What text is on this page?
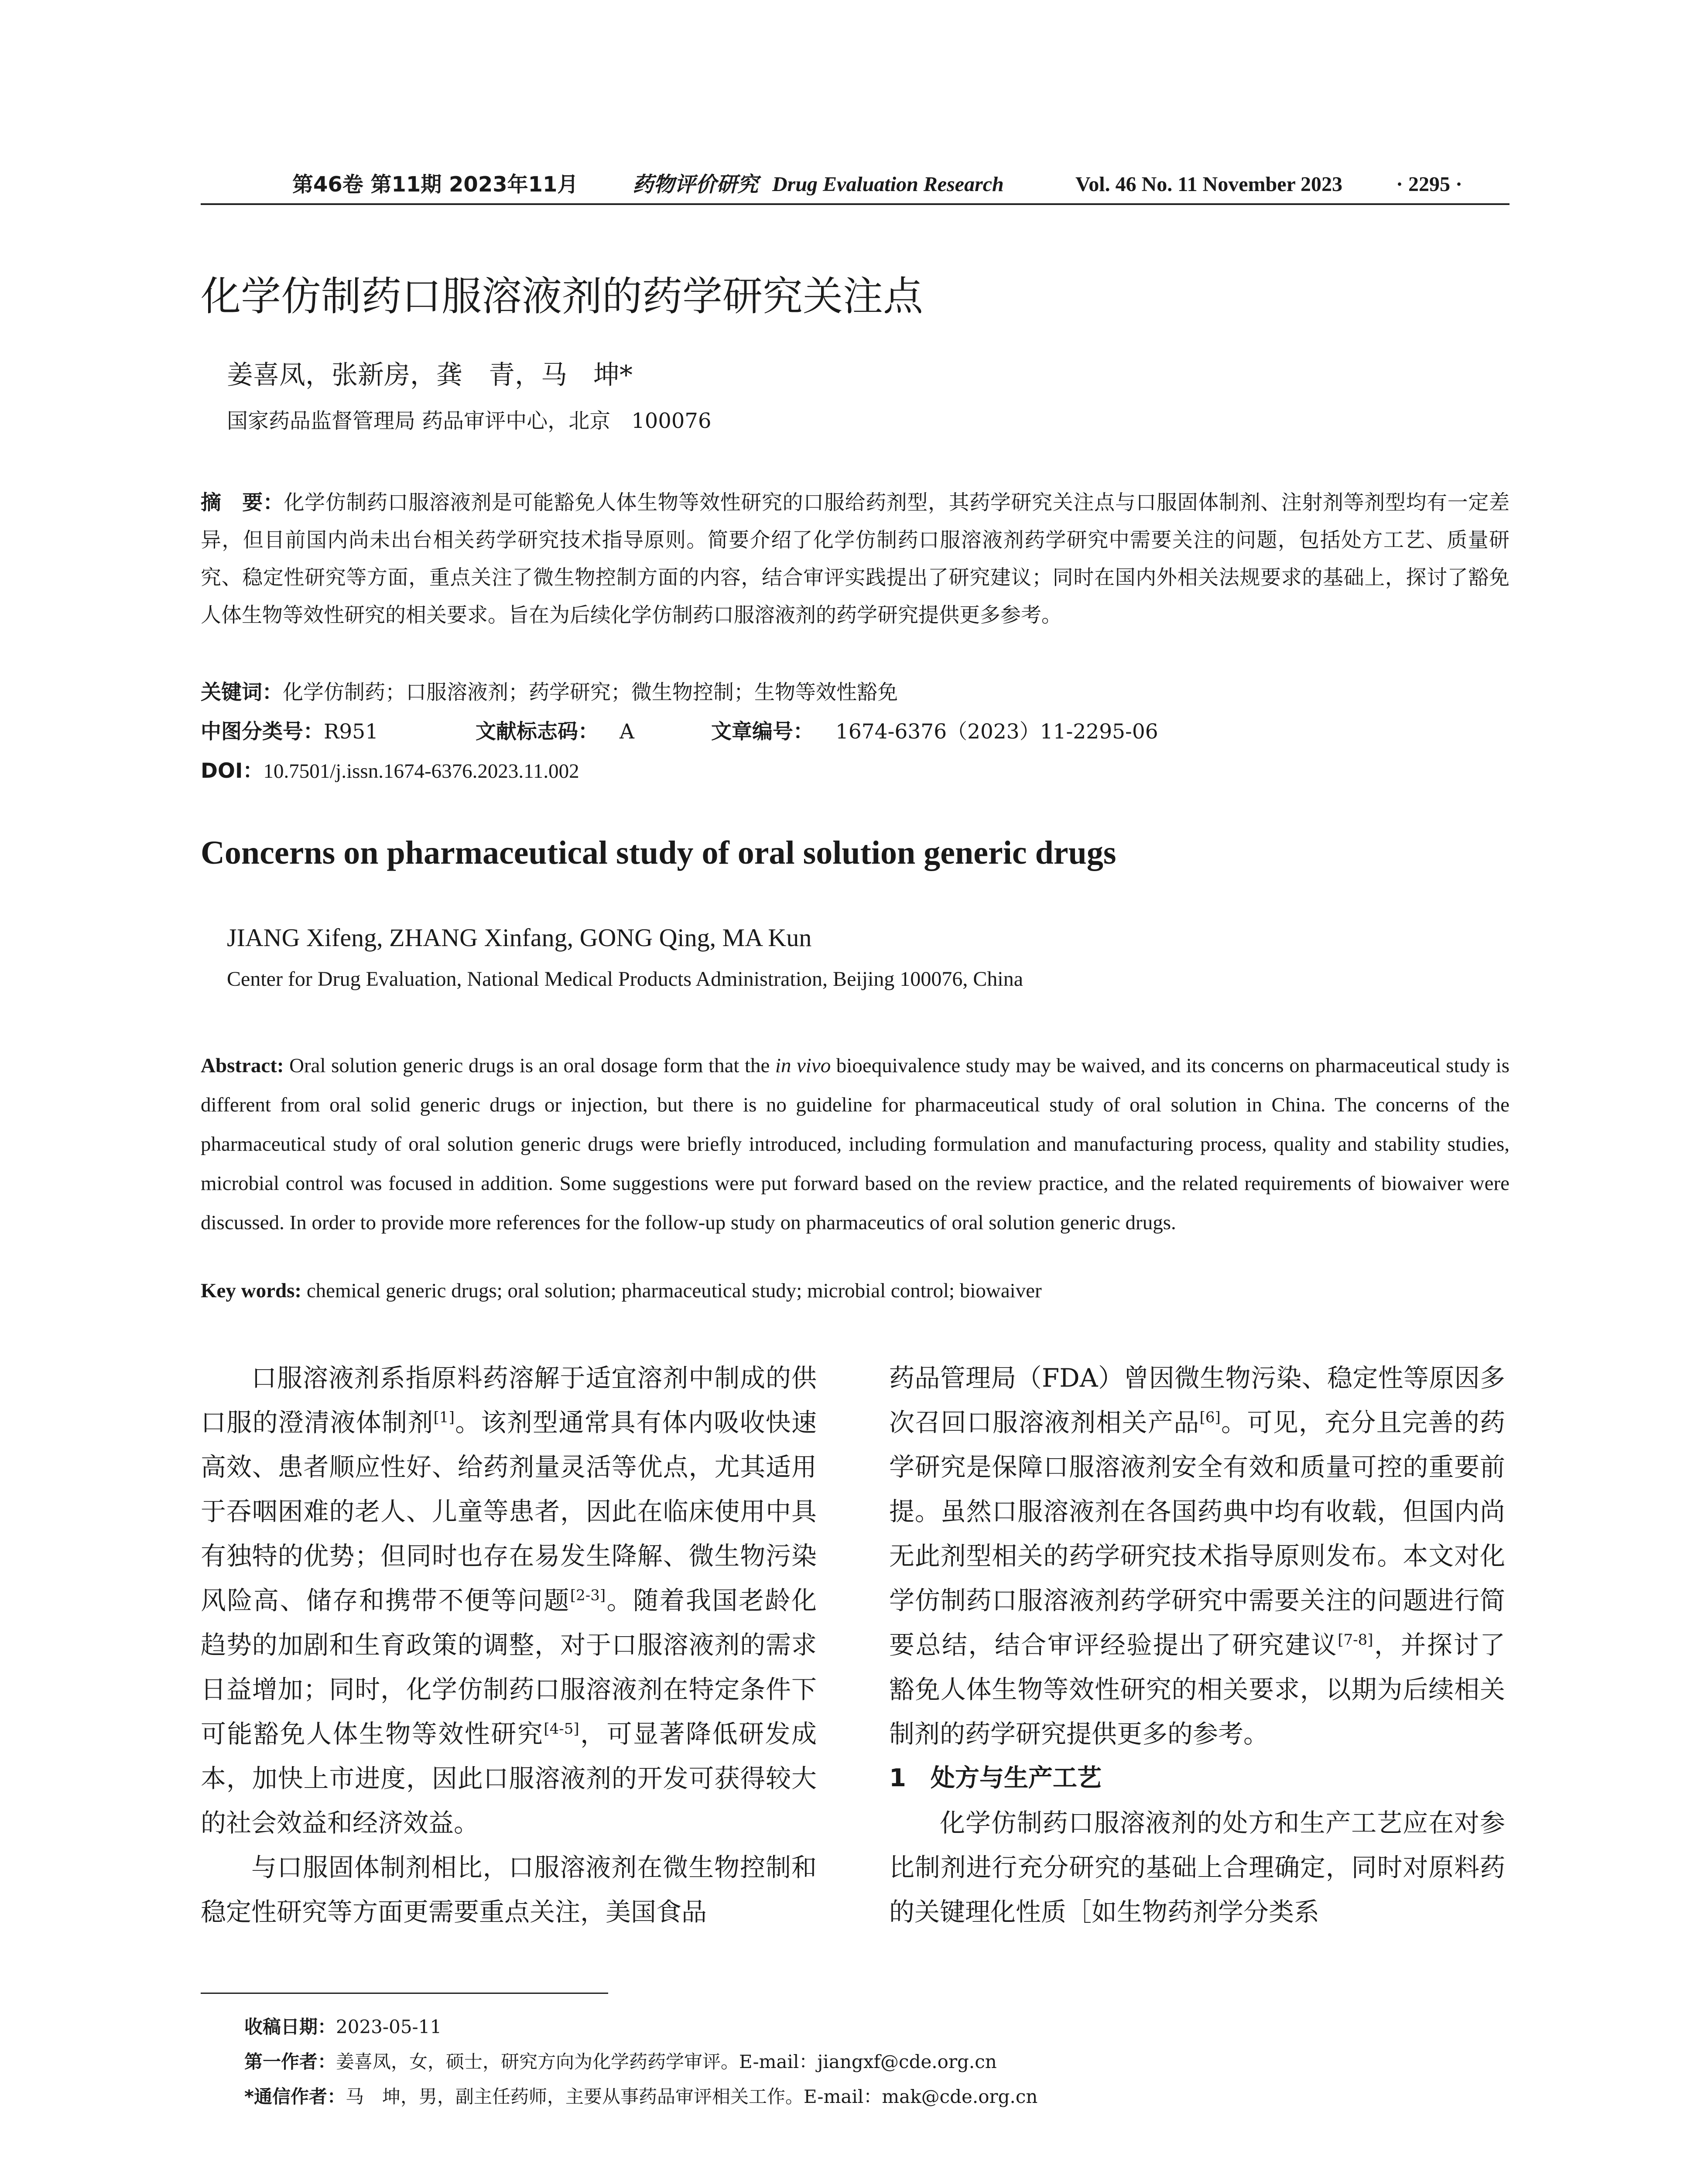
第46卷 第11期 2023年11月	药物评价研究 Drug Evaluation Research	Vol. 46 No. 11 November 2023	· 2295 ·
化学仿制药口服溶液剂的药学研究关注点
姜喜凤，张新房，龚　青，马　坤*
国家药品监督管理局 药品审评中心，北京　100076
摘　要：化学仿制药口服溶液剂是可能豁免人体生物等效性研究的口服给药剂型，其药学研究关注点与口服固体制剂、注射剂等剂型均有一定差异，但目前国内尚未出台相关药学研究技术指导原则。简要介绍了化学仿制药口服溶液剂药学研究中需要关注的问题，包括处方工艺、质量研究、稳定性研究等方面，重点关注了微生物控制方面的内容，结合审评实践提出了研究建议；同时在国内外相关法规要求的基础上，探讨了豁免人体生物等效性研究的相关要求。旨在为后续化学仿制药口服溶液剂的药学研究提供更多参考。
关键词：化学仿制药；口服溶液剂；药学研究；微生物控制；生物等效性豁免
中图分类号：R951	文献标志码： A	文章编号： 1674-6376（2023）11-2295-06
DOI：10.7501/j.issn.1674-6376.2023.11.002
Concerns on pharmaceutical study of oral solution generic drugs
JIANG Xifeng, ZHANG Xinfang, GONG Qing, MA Kun
Center for Drug Evaluation, National Medical Products Administration, Beijing 100076, China
Abstract: Oral solution generic drugs is an oral dosage form that the in vivo bioequivalence study may be waived, and its concerns on pharmaceutical study is different from oral solid generic drugs or injection, but there is no guideline for pharmaceutical study of oral solution in China. The concerns of the pharmaceutical study of oral solution generic drugs were briefly introduced, including formulation and manufacturing process, quality and stability studies, microbial control was focused in addition. Some suggestions were put forward based on the review practice, and the related requirements of biowaiver were discussed. In order to provide more references for the follow-up study on pharmaceutics of oral solution generic drugs.
Key words: chemical generic drugs; oral solution; pharmaceutical study; microbial control; biowaiver

口服溶液剂系指原料药溶解于适宜溶剂中制成的供口服的澄清液体制剂[1]。该剂型通常具有体内吸收快速高效、患者顺应性好、给药剂量灵活等优点，尤其适用于吞咽困难的老人、儿童等患者，因此在临床使用中具有独特的优势；但同时也存在易发生降解、微生物污染风险高、储存和携带不便等问题[2-3]。随着我国老龄化趋势的加剧和生育政策的调整，对于口服溶液剂的需求日益增加；同时，化学仿制药口服溶液剂在特定条件下可能豁免人体生物等效性研究[4-5]，可显著降低研发成本，加快上市进度，因此口服溶液剂的开发可获得较大的社会效益和经济效益。

与口服固体制剂相比，口服溶液剂在微生物控制和稳定性研究等方面更需要重点关注，美国食品

药品管理局（FDA）曾因微生物污染、稳定性等原因多次召回口服溶液剂相关产品[6]。可见，充分且完善的药学研究是保障口服溶液剂安全有效和质量可控的重要前提。虽然口服溶液剂在各国药典中均有收载，但国内尚无此剂型相关的药学研究技术指导原则发布。本文对化学仿制药口服溶液剂药学研究中需要关注的问题进行简要总结，结合审评经验提出了研究建议[7-8]，并探讨了豁免人体生物等效性研究的相关要求，以期为后续相关制剂的药学研究提供更多的参考。

1　处方与生产工艺

化学仿制药口服溶液剂的处方和生产工艺应在对参比制剂进行充分研究的基础上合理确定，同时对原料药的关键理化性质［如生物药剂学分类系

收稿日期：2023-05-11
第一作者：姜喜凤，女，硕士，研究方向为化学药药学审评。E-mail：jiangxf@cde.org.cn
*通信作者：马　坤，男，副主任药师，主要从事药品审评相关工作。E-mail：mak@cde.org.cn
